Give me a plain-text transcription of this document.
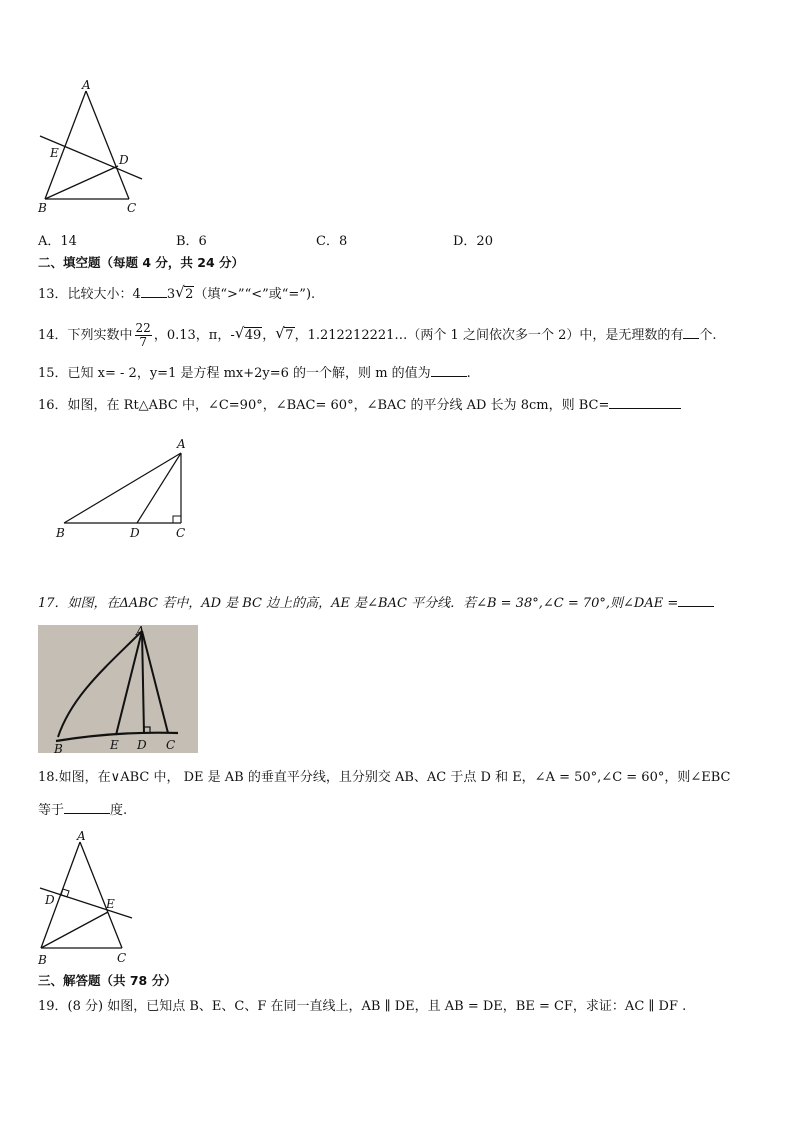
A
E	D
B	C
A．14	B．6	C．8	D．20
二、填空题（每题 4 分，共 24 分）
13．比较大小：4 3 √ 2（填“>”“<”或“=”).
14．下列实数中 $\frac{22}{7}$ ，0.13，π，- √ 49， √ 7，1.212212221…（两个 1 之间依次多一个 2）中，是无理数的有 个.
15．已知 x= - 2，y=1 是方程 mx+2y=6 的一个解，则 m 的值为	.
16．如图，在 Rt△ABC 中，∠C=90°，∠BAC= 60°，∠BAC 的平分线 AD 长为 8cm，则 BC=
A
B	D	C
17．如图，在ΔABC 若中，AD 是 BC 边上的高，AE 是∠BAC 平分线．若∠B = 38°,∠C = 70°,则∠DAE =
A
B	E D C
18.如图，在∨ABC 中， DE 是 AB 的垂直平分线，且分别交 AB、AC 于点 D 和 E，∠A = 50°,∠C = 60°，则∠EBC
等于	度.
A
D	E
B	C
三、解答题（共 78 分）
19．(8 分) 如图，已知点 B、E、C、F 在同一直线上，AB ∥ DE，且 AB = DE，BE = CF，求证：AC ∥ DF .
